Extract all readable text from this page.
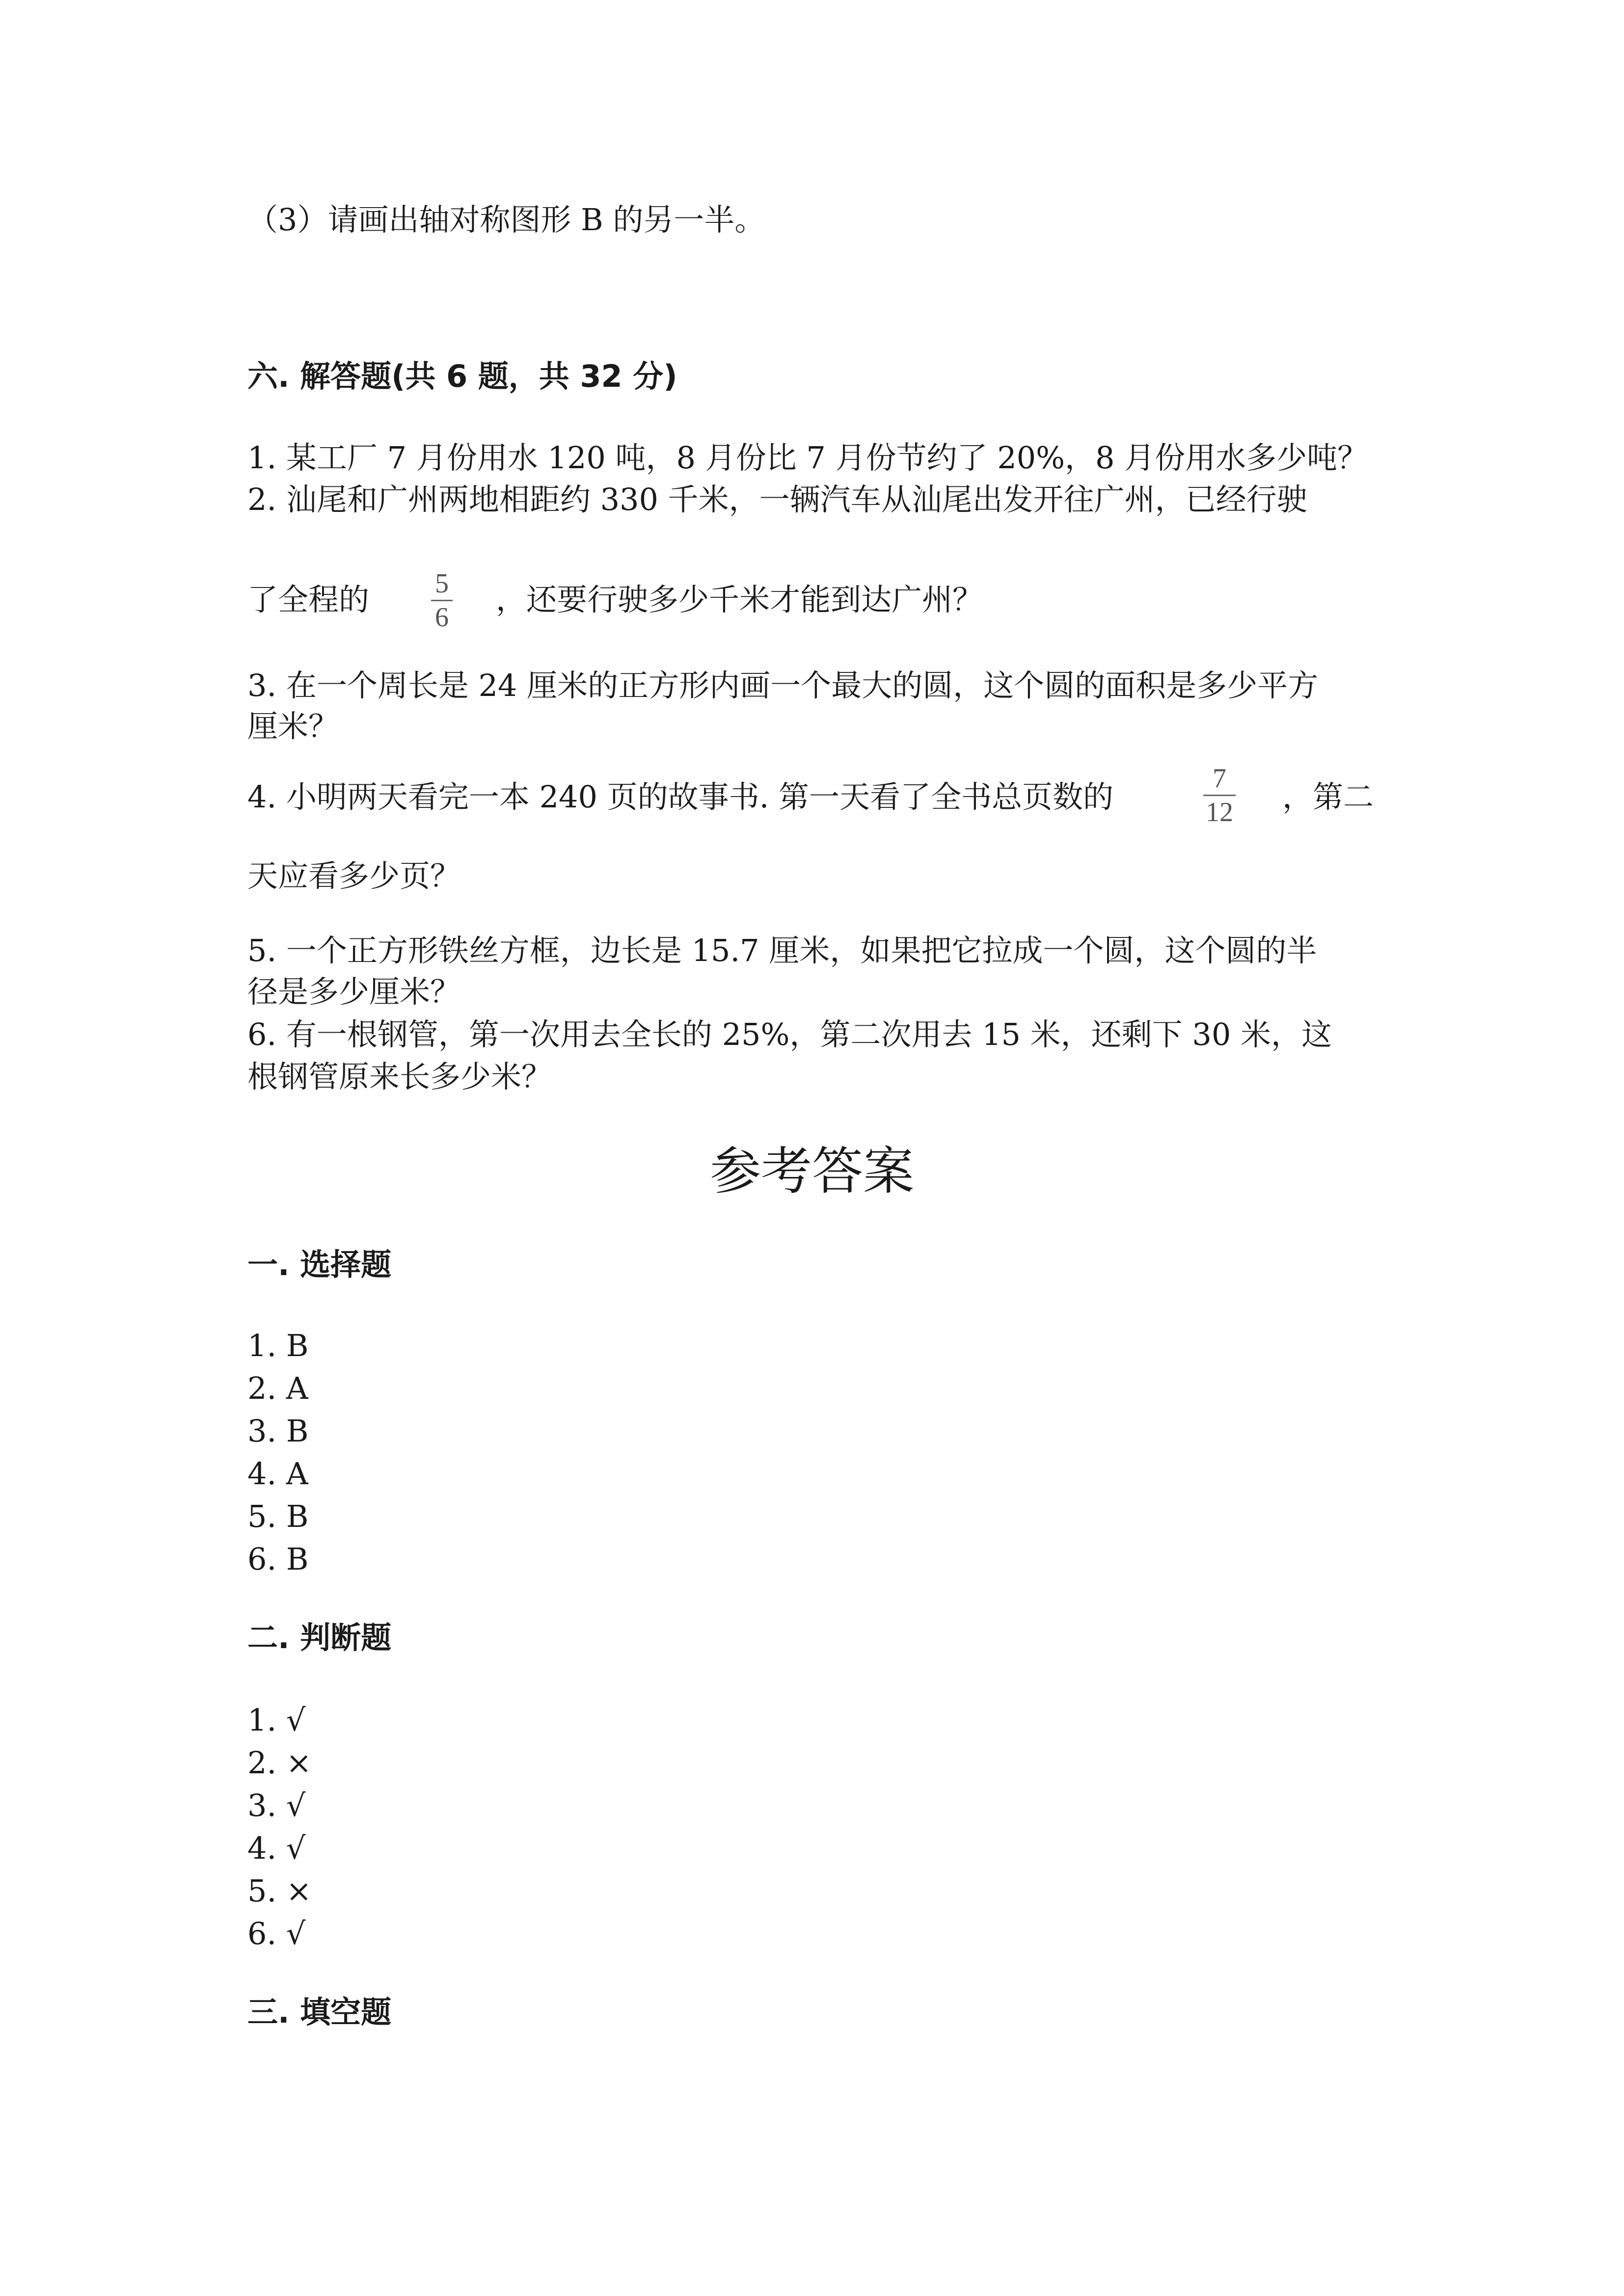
（3）请画出轴对称图形 B 的另一半。
六. 解答题(共 6 题，共 32 分)
1. 某工厂 7 月份用水 120 吨，8 月份比 7 月份节约了 20%，8 月份用水多少吨？
2. 汕尾和广州两地相距约 330 千米，一辆汽车从汕尾出发开往广州，已经行驶
了全程的 5
6 ，还要行驶多少千米才能到达广州？
3. 在一个周长是 24 厘米的正方形内画一个最大的圆，这个圆的面积是多少平方
厘米？
4. 小明两天看完一本 240 页的故事书. 第一天看了全书总页数的
7
12 ，第二
天应看多少页？
5. 一个正方形铁丝方框，边长是 15.7 厘米，如果把它拉成一个圆，这个圆的半
径是多少厘米？
6. 有一根钢管，第一次用去全长的 25%，第二次用去 15 米，还剩下 30 米，这
根钢管原来长多少米？
参考答案
一. 选择题
1. B
2. A
3. B
4. A
5. B
6. B
二. 判断题
1. √
2. ×
3. √
4. √
5. ×
6. √
三. 填空题
